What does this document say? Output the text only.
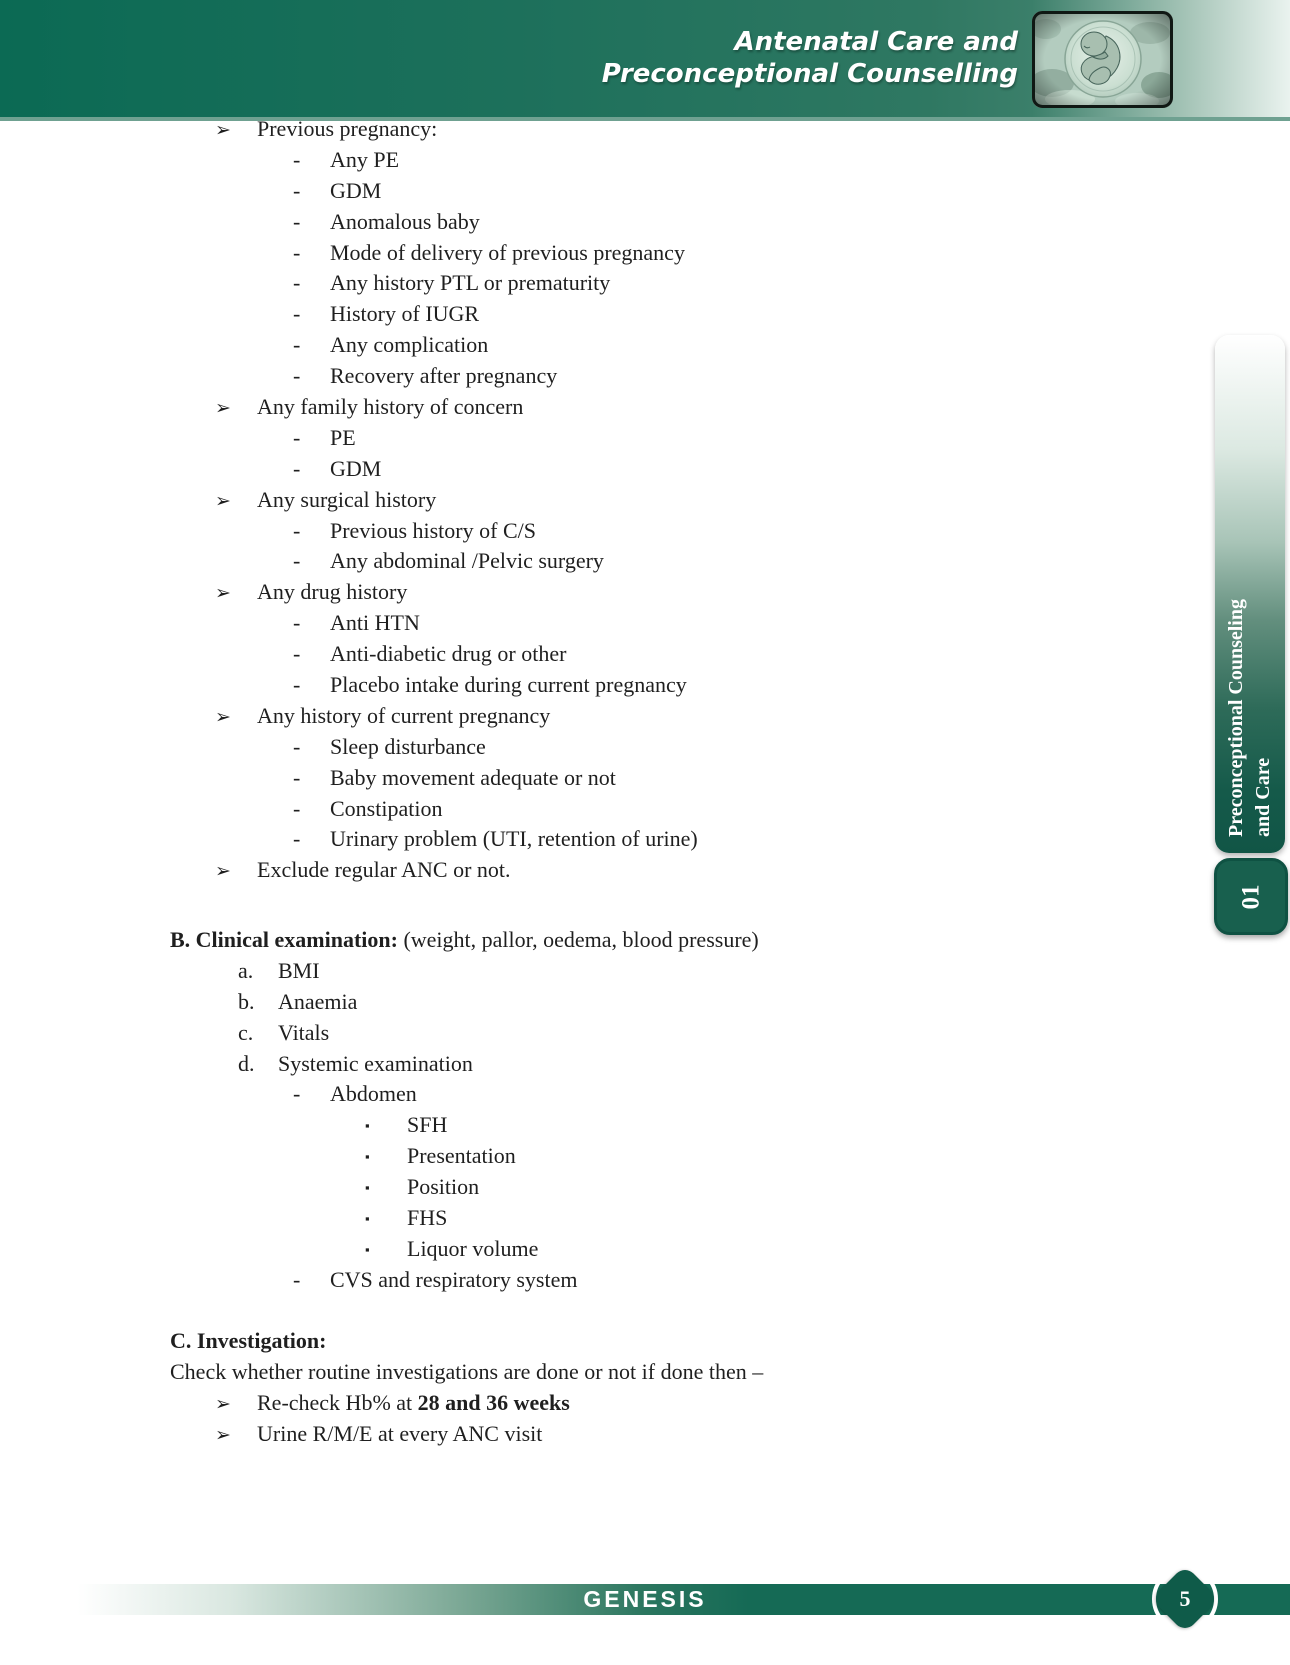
Antenatal Care and
Preconceptional Counselling
➢ Previous pregnancy:
- Any PE
- GDM
- Anomalous baby
- Mode of delivery of previous pregnancy
- Any history PTL or prematurity
- History of IUGR
- Any complication
- Recovery after pregnancy
➢ Any family history of concern
- PE
- GDM
➢ Any surgical history
- Previous history of C/S
- Any abdominal /Pelvic surgery
➢ Any drug history
- Anti HTN
- Anti-diabetic drug or other
- Placebo intake during current pregnancy
➢ Any history of current pregnancy
- Sleep disturbance
- Baby movement adequate or not
- Constipation
- Urinary problem (UTI, retention of urine)
➢ Exclude regular ANC or not.
B. Clinical examination: (weight, pallor, oedema, blood pressure)
a. BMI
b. Anaemia
c. Vitals
d. Systemic examination
- Abdomen
▪ SFH
▪ Presentation
▪ Position
▪ FHS
▪ Liquor volume
- CVS and respiratory system
C. Investigation:
Check whether routine investigations are done or not if done then –
➢ Re-check Hb% at 28 and 36 weeks
➢ Urine R/M/E at every ANC visit
Preconceptional Counseling and Care
01
GENESIS	5
